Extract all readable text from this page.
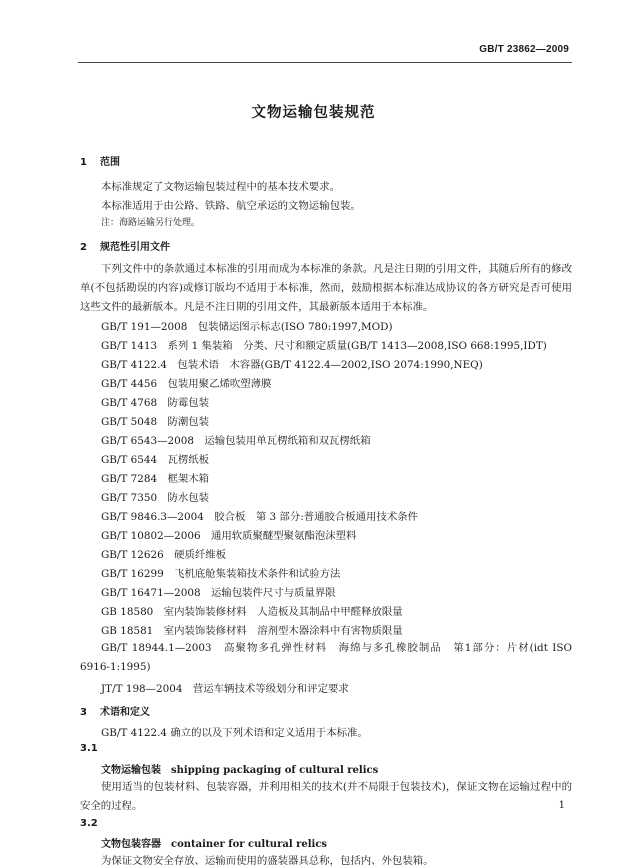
GB/T 23862—2009
文物运输包装规范
1 范围
本标准规定了文物运输包装过程中的基本技术要求。
本标准适用于由公路、铁路、航空承运的文物运输包装。
注：海路运输另行处理。
2 规范性引用文件
下列文件中的条款通过本标准的引用而成为本标准的条款。凡是注日期的引用文件，其随后所有的修改单(不包括勘误的内容)或修订版均不适用于本标准，然而，鼓励根据本标准达成协议的各方研究是否可使用这些文件的最新版本。凡是不注日期的引用文件，其最新版本适用于本标准。
GB/T 191—2008　包装储运图示标志(ISO 780:1997,MOD)
GB/T 1413　系列 1 集装箱　分类、尺寸和额定质量(GB/T 1413—2008,ISO 668:1995,IDT)
GB/T 4122.4　包装术语　木容器(GB/T 4122.4—2002,ISO 2074:1990,NEQ)
GB/T 4456　包装用聚乙烯吹塑薄膜
GB/T 4768　防霉包装
GB/T 5048　防潮包装
GB/T 6543—2008　运输包装用单瓦楞纸箱和双瓦楞纸箱
GB/T 6544　瓦楞纸板
GB/T 7284　框架木箱
GB/T 7350　防水包装
GB/T 9846.3—2004　胶合板　第 3 部分:普通胶合板通用技术条件
GB/T 10802—2006　通用软质聚醚型聚氨酯泡沫塑料
GB/T 12626　硬质纤维板
GB/T 16299　飞机底舱集装箱技术条件和试验方法
GB/T 16471—2008　运输包装件尺寸与质量界限
GB 18580　室内装饰装修材料　人造板及其制品中甲醛释放限量
GB 18581　室内装饰装修材料　溶剂型木器涂料中有害物质限量
GB/T 18944.1—2003　高聚物多孔弹性材料　海绵与多孔橡胶制品　第1部分：片材(idt ISO 6916-1:1995)
JT/T 198—2004　营运车辆技术等级划分和评定要求
3 术语和定义
GB/T 4122.4 确立的以及下列术语和定义适用于本标准。
3.1
文物运输包装 shipping packaging of cultural relics
使用适当的包装材料、包装容器，并利用相关的技术(并不局限于包装技术)，保证文物在运输过程中的安全的过程。
3.2
文物包装容器 container for cultural relics
为保证文物安全存放、运输而使用的盛装器具总称，包括内、外包装箱。
1
